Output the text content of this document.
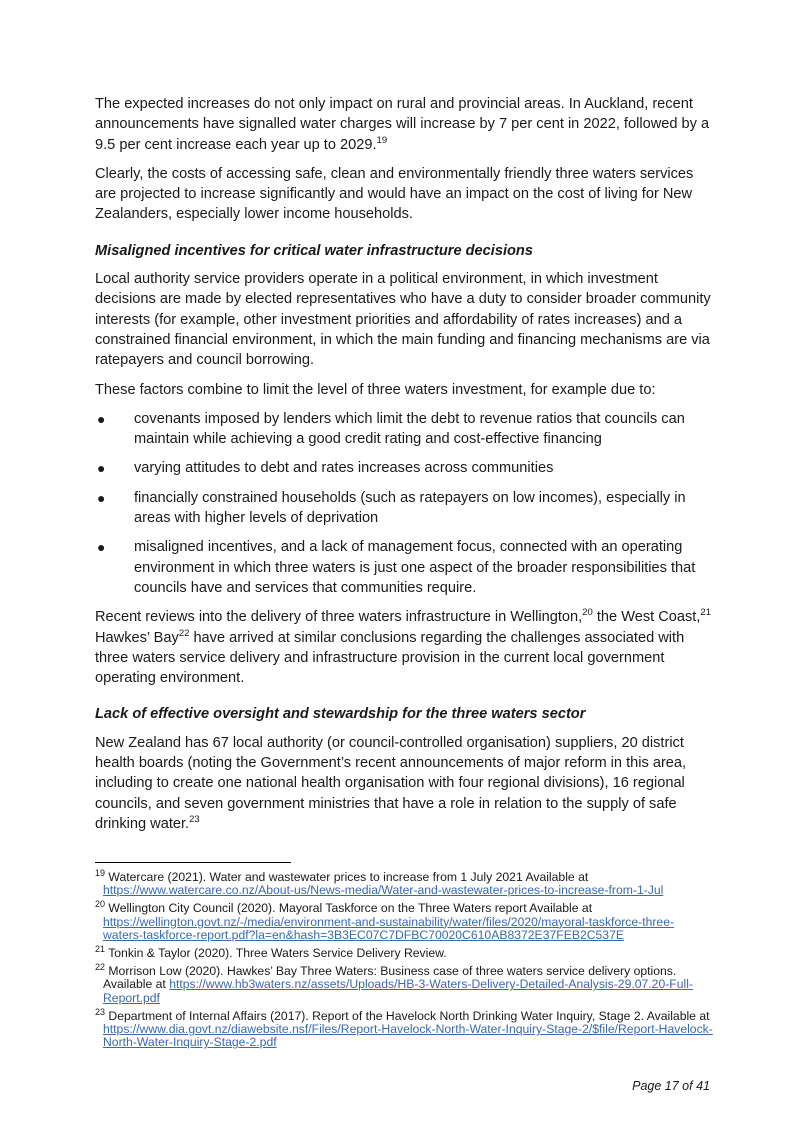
The expected increases do not only impact on rural and provincial areas. In Auckland, recent announcements have signalled water charges will increase by 7 per cent in 2022, followed by a 9.5 per cent increase each year up to 2029.19

Clearly, the costs of accessing safe, clean and environmentally friendly three waters services are projected to increase significantly and would have an impact on the cost of living for New Zealanders, especially lower income households.

Misaligned incentives for critical water infrastructure decisions

Local authority service providers operate in a political environment, in which investment decisions are made by elected representatives who have a duty to consider broader community interests (for example, other investment priorities and affordability of rates increases) and a constrained financial environment, in which the main funding and financing mechanisms are via ratepayers and council borrowing.

These factors combine to limit the level of three waters investment, for example due to:

● covenants imposed by lenders which limit the debt to revenue ratios that councils can maintain while achieving a good credit rating and cost-effective financing
● varying attitudes to debt and rates increases across communities
● financially constrained households (such as ratepayers on low incomes), especially in areas with higher levels of deprivation
● misaligned incentives, and a lack of management focus, connected with an operating environment in which three waters is just one aspect of the broader responsibilities that councils have and services that communities require.

Recent reviews into the delivery of three waters infrastructure in Wellington,$^{20}$ the West Coast,$^{21}$ Hawkes’ Bay$^{22}$ have arrived at similar conclusions regarding the challenges associated with three waters service delivery and infrastructure provision in the current local government operating environment.

Lack of effective oversight and stewardship for the three waters sector

New Zealand has 67 local authority (or council-controlled organisation) suppliers, 20 district health boards (noting the Government’s recent announcements of major reform in this area, including to create one national health organisation with four regional divisions), 16 regional councils, and seven government ministries that have a role in relation to the supply of safe drinking water.$^{23}$

$^{19}$ Watercare (2021). Water and wastewater prices to increase from 1 July 2021 Available at https://www.watercare.co.nz/About-us/News-media/Water-and-wastewater-prices-to-increase-from-1-Jul

$^{20}$ Wellington City Council (2020). Mayoral Taskforce on the Three Waters report Available at https://wellington.govt.nz/-/media/environment-and-sustainability/water/files/2020/mayoral-taskforce-three-waters-taskforce-report.pdf?la=en&hash=3B3EC07C7DFBC70020C610AB8372E37FEB2C537E

$^{21}$ Tonkin & Taylor (2020). Three Waters Service Delivery Review.

$^{22}$ Morrison Low (2020). Hawkes’ Bay Three Waters: Business case of three waters service delivery options. Available at https://www.hb3waters.nz/assets/Uploads/HB-3-Waters-Delivery-Detailed-Analysis-29.07.20-Full-Report.pdf

$^{23}$ Department of Internal Affairs (2017). Report of the Havelock North Drinking Water Inquiry, Stage 2. Available at https://www.dia.govt.nz/diawebsite.nsf/Files/Report-Havelock-North-Water-Inquiry-Stage-2/$file/Report-Havelock-North-Water-Inquiry-Stage-2.pdf

Page 17 of 41
